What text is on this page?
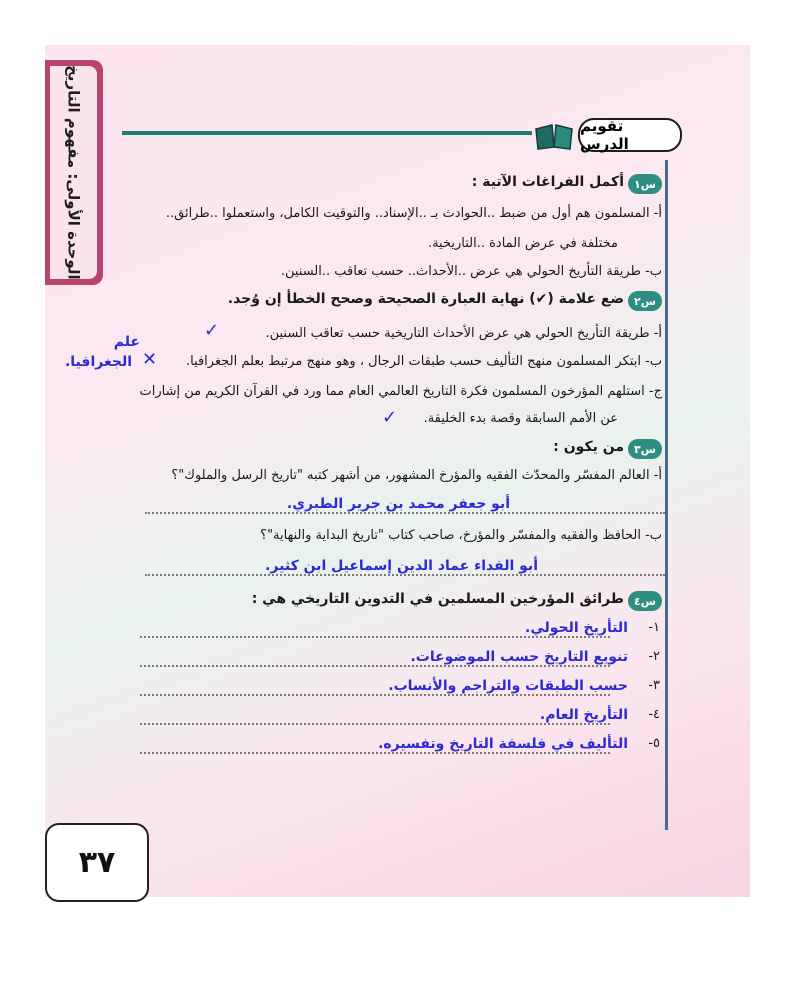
الوحدة الأولى: مفهوم التاريخ	تقويم الدرس
س١
أكمل الفراغات الآتية :
أ- المسلمون هم أول من ضبط ..الحوادث بـ ..الإسناد.. والتوقيت الكامل، واستعملوا ..طرائق..
مختلفة في عرض المادة ..التاريخية.
ب- طريقة التأريخ الحولي هي عرض ..الأحداث.. حسب تعاقب ..السنين.
س٢
ضع علامة (✔) نهاية العبارة الصحيحة وصحح الخطأ إن وُجد.
أ- طريقة التأريخ الحولي هي عرض الأحداث التاريخية حسب تعاقب السنين.
✓
ب- ابتكر المسلمون منهج التأليف حسب طبقات الرجال ، وهو منهج مرتبط بعلم الجغرافيا.
✕
علم
الجغرافيا.
ج- استلهم المؤرخون المسلمون فكرة التاريخ العالمي العام مما ورد في القرآن الكريم من إشارات
عن الأمم السابقة وقصة بدء الخليقة.
✓
س٣
من يكون :
أ- العالم المفسّر والمحدّث الفقيه والمؤرخ المشهور، من أشهر كتبه "تاريخ الرسل والملوك"؟
أبو جعفر محمد بن جرير الطبري.
ب- الحافظ والفقيه والمفسّر والمؤرخ، صاحب كتاب "تاريخ البداية والنهاية"؟
أبو الفداء عماد الدين إسماعيل ابن كثير.
س٤
طرائق المؤرخين المسلمين في التدوين التاريخي هي :
١-
التأريخ الحولي.
٢-
تنويع التاريخ حسب الموضوعات.
٣-
حسب الطبقات والتراجم والأنساب.
٤-
التأريخ العام.
٥-
التأليف في فلسفة التاريخ وتفسيره.
٣٧
